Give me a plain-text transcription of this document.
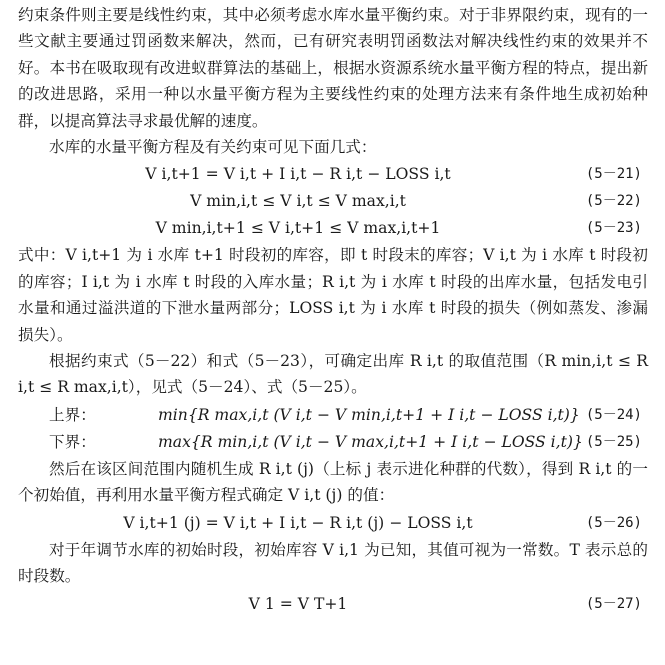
约束条件则主要是线性约束，其中必须考虑水库水量平衡约束。对于非界限约束，现有的一些文献主要通过罚函数来解决，然而，已有研究表明罚函数法对解决线性约束的效果并不好。本书在吸取现有改进蚁群算法的基础上，根据水资源系统水量平衡方程的特点，提出新的改进思路，采用一种以水量平衡方程为主要线性约束的处理方法来有条件地生成初始种群，以提高算法寻求最优解的速度。

水库的水量平衡方程及有关约束可见下面几式：

V i,t+1 = V i,t + I i,t − R i,t − LOSS i,t	(5－21)
V min,i,t ≤ V i,t ≤ V max,i,t	(5－22)
V min,i,t+1 ≤ V i,t+1 ≤ V max,i,t+1	(5－23)

式中：V i,t+1 为 i 水库 t+1 时段初的库容，即 t 时段末的库容；V i,t 为 i 水库 t 时段初的库容；I i,t 为 i 水库 t 时段的入库水量；R i,t 为 i 水库 t 时段的出库水量，包括发电引水量和通过溢洪道的下泄水量两部分；LOSS i,t 为 i 水库 t 时段的损失（例如蒸发、渗漏损失）。

根据约束式（5－22）和式（5－23），可确定出库 R i,t 的取值范围（R min,i,t ≤ R i,t ≤ R max,i,t），见式（5－24）、式（5－25）。

上界：	min{R max,i,t (V i,t − V min,i,t+1 + I i,t − LOSS i,t)} (5－24)
下界：	max{R min,i,t (V i,t − V max,i,t+1 + I i,t − LOSS i,t)} (5－25)

然后在该区间范围内随机生成 R i,t (j)（上标 j 表示进化种群的代数），得到 R i,t 的一个初始值，再利用水量平衡方程式确定 V i,t (j) 的值：

V i,t+1 (j) = V i,t + I i,t − R i,t (j) − LOSS i,t	(5－26)

对于年调节水库的初始时段，初始库容 V i,1 为已知，其值可视为一常数。T 表示总的时段数。

V 1 = V T+1	(5－27)
